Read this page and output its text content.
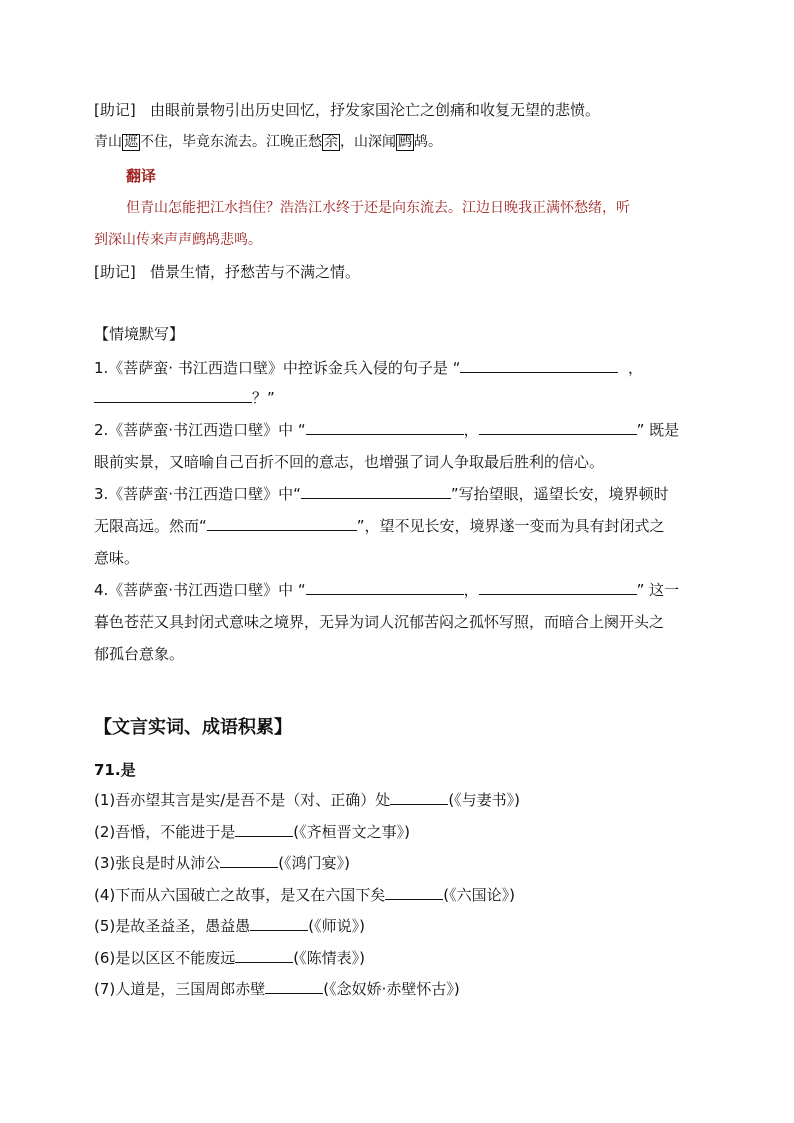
[助记] 由眼前景物引出历史回忆，抒发家国沦亡之创痛和收复无望的悲愤。
青山 遮 不住，毕竟东流去。江晚正愁 余 ，山深闻 鹧 鸪。
翻译
但青山怎能把江水挡住？浩浩江水终于还是向东流去。江边日晚我正满怀愁绪，听
到深山传来声声鹧鸪悲鸣。
[助记] 借景生情，抒愁苦与不满之情。
【情境默写】
1.《菩萨蛮· 书江西造口壁》中控诉金兵入侵的句子是 “	，
？”
2.《菩萨蛮·书江西造口壁》中 “	，	” 既是
眼前实景，又暗喻自己百折不回的意志，也增强了词人争取最后胜利的信心。
3.《菩萨蛮·书江西造口壁》中“	”写抬望眼，遥望长安，境界顿时
无限高远。然而“	”，望不见长安，境界遂一变而为具有封闭式之
意味。
4.《菩萨蛮·书江西造口壁》中 “	，	” 这一
暮色苍茫又具封闭式意味之境界，无异为词人沉郁苦闷之孤怀写照，而暗合上阕开头之
郁孤台意象。
【文言实词、成语积累】
71.是
(1)吾亦望其言是实/是吾不是（对、正确）处	(《与妻书》)
(2)吾惛，不能进于是	(《齐桓晋文之事》)
(3)张良是时从沛公	(《鸿门宴》)
(4)下而从六国破亡之故事，是又在六国下矣	(《六国论》)
(5)是故圣益圣，愚益愚	(《师说》)
(6)是以区区不能废远	(《陈情表》)
(7)人道是，三国周郎赤壁	(《念奴娇·赤壁怀古》)
